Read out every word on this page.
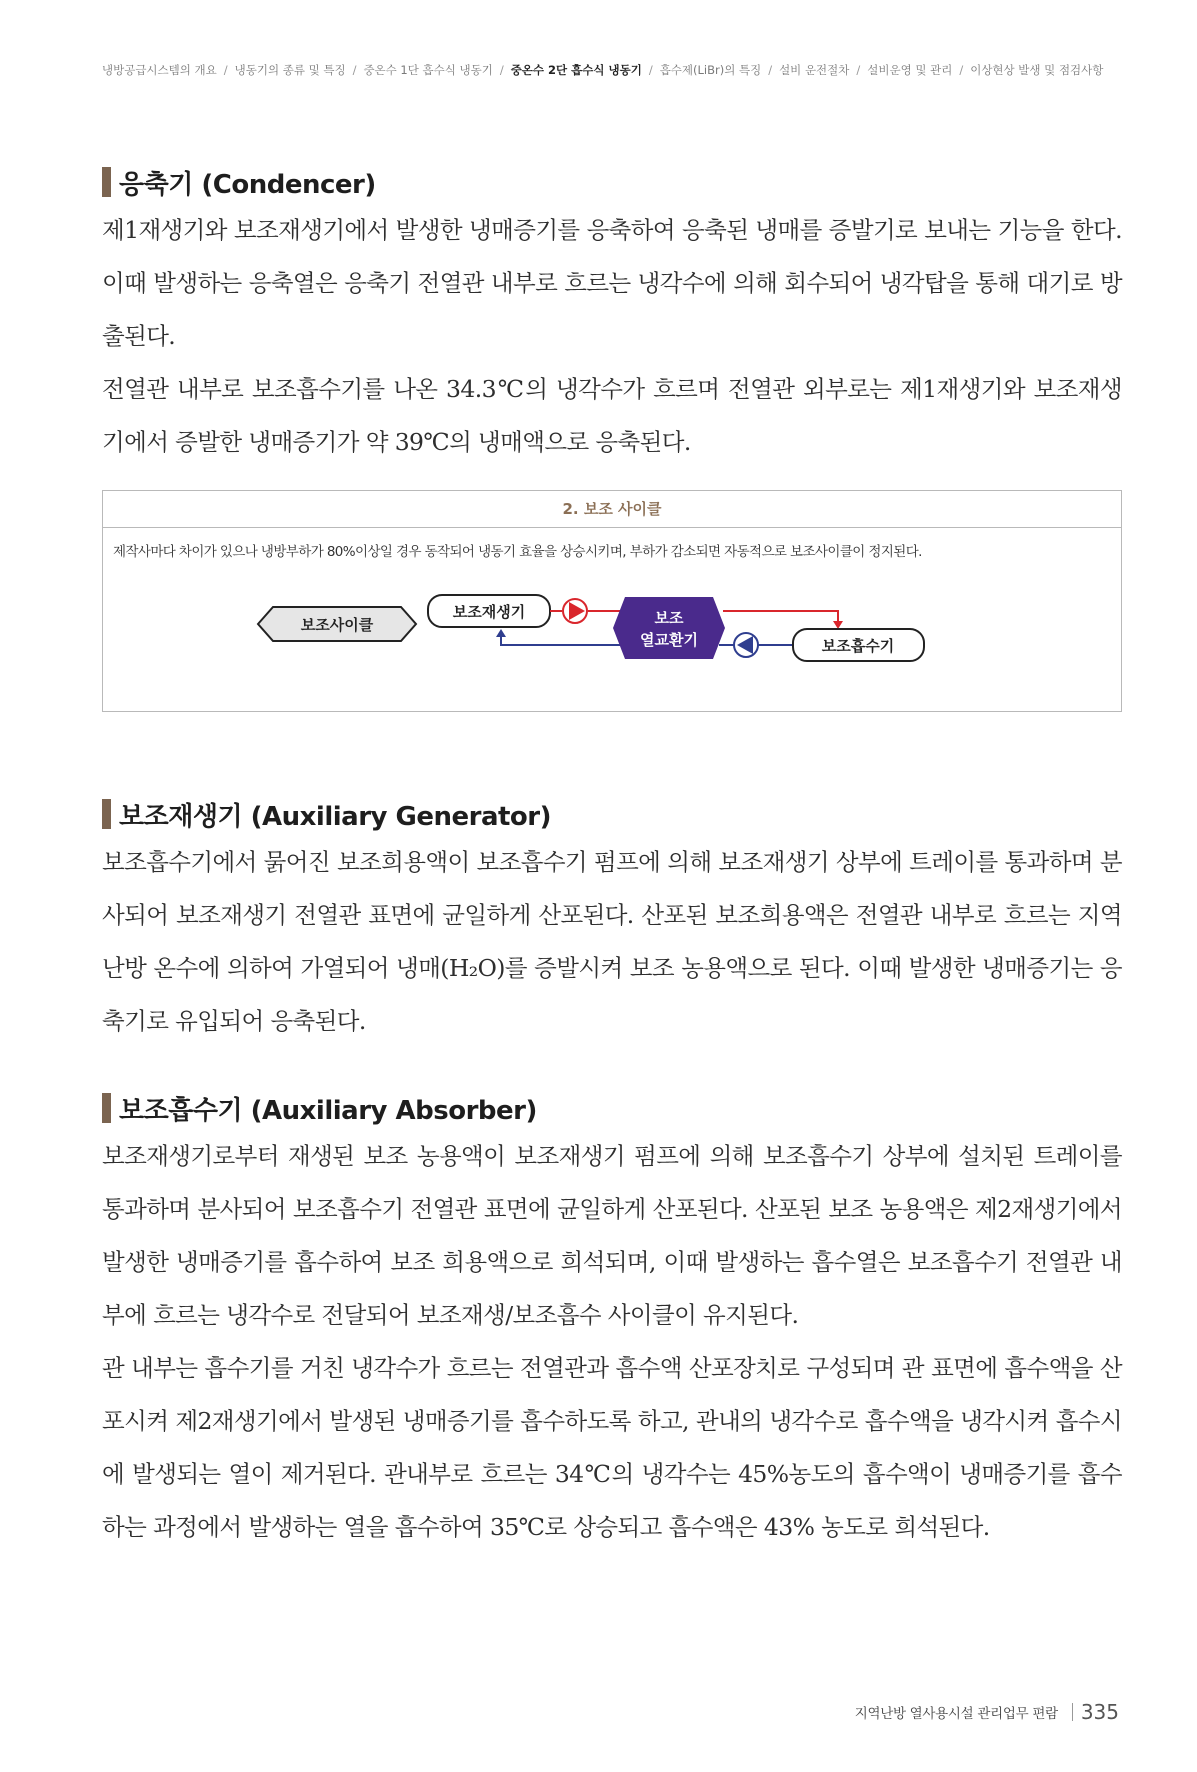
냉방공급시스템의 개요 / 냉동기의 종류 및 특징 / 중온수 1단 흡수식 냉동기 / 중온수 2단 흡수식 냉동기 / 흡수제(LiBr)의 특징 / 설비 운전절차 / 설비운영 및 관리 / 이상현상 발생 및 점검사항
응축기 (Condencer)

제1재생기와 보조재생기에서 발생한 냉매증기를 응축하여 응축된 냉매를 증발기로 보내는 기능을 한다. 이때 발생하는 응축열은 응축기 전열관 내부로 흐르는 냉각수에 의해 회수되어 냉각탑을 통해 대기로 방출된다.

전열관 내부로 보조흡수기를 나온 34.3℃의 냉각수가 흐르며 전열관 외부로는 제1재생기와 보조재생기에서 증발한 냉매증기가 약 39℃의 냉매액으로 응축된다.

2. 보조 사이클
제작사마다 차이가 있으나 냉방부하가 80%이상일 경우 동작되어 냉동기 효율을 상승시키며, 부하가 감소되면 자동적으로 보조사이클이 정지된다.
보조사이클
보조재생기	보조
열교환기	보조흡수기
보조재생기 (Auxiliary Generator)

보조흡수기에서 묽어진 보조희용액이 보조흡수기 펌프에 의해 보조재생기 상부에 트레이를 통과하며 분사되어 보조재생기 전열관 표면에 균일하게 산포된다. 산포된 보조희용액은 전열관 내부로 흐르는 지역난방 온수에 의하여 가열되어 냉매(H₂O)를 증발시켜 보조 농용액으로 된다. 이때 발생한 냉매증기는 응축기로 유입되어 응축된다.

보조흡수기 (Auxiliary Absorber)

보조재생기로부터 재생된 보조 농용액이 보조재생기 펌프에 의해 보조흡수기 상부에 설치된 트레이를 통과하며 분사되어 보조흡수기 전열관 표면에 균일하게 산포된다. 산포된 보조 농용액은 제2재생기에서 발생한 냉매증기를 흡수하여 보조 희용액으로 희석되며, 이때 발생하는 흡수열은 보조흡수기 전열관 내부에 흐르는 냉각수로 전달되어 보조재생/보조흡수 사이클이 유지된다.

관 내부는 흡수기를 거친 냉각수가 흐르는 전열관과 흡수액 산포장치로 구성되며 관 표면에 흡수액을 산포시켜 제2재생기에서 발생된 냉매증기를 흡수하도록 하고, 관내의 냉각수로 흡수액을 냉각시켜 흡수시에 발생되는 열이 제거된다. 관내부로 흐르는 34℃의 냉각수는 45%농도의 흡수액이 냉매증기를 흡수하는 과정에서 발생하는 열을 흡수하여 35℃로 상승되고 흡수액은 43% 농도로 희석된다.

지역난방 열사용시설 관리업무 편람 335
